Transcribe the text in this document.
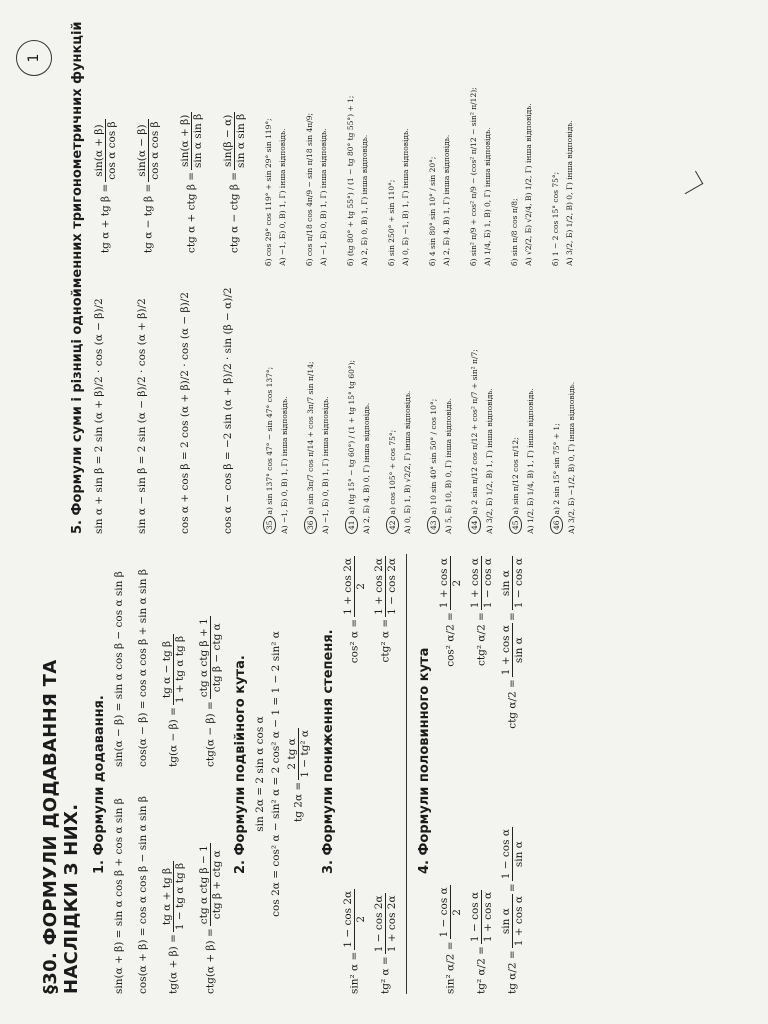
1
§30. ФОРМУЛИ ДОДАВАННЯ ТА НАСЛІДКИ З НИХ.
1. Формули додавання.
sin(α + β) = sin α cos β + cos α sin β
sin(α − β) = sin α cos β − cos α sin β
cos(α + β) = cos α cos β − sin α sin β
cos(α − β) = cos α cos β + sin α sin β
tg(α + β) =
tg α + tg β 1 − tg α tg β
tg(α − β) =
tg α − tg β 1 + tg α tg β
ctg(α + β) =
ctg α ctg β − 1 ctg β + ctg α
ctg(α − β) =
ctg α ctg β + 1 ctg β − ctg α 2. Формули подвійного кута. sin 2α = 2 sin α cos α cos 2α = cos² α − sin² α = 2 cos² α − 1 = 1 − 2 sin² α	tg 2α =
2 tg α 1 − tg² α 3. Формули пониження степеня.
sin² α =
1 − cos 2α 2
cos² α =
1 + cos 2α 2
tg² α =
1 − cos 2α 1 + cos 2α
ctg² α =
1 + cos 2α 1 − cos 2α
4. Формули половинного кута
sin² α/2 =
1 − cos α 2
cos² α/2 =
1 + cos α 2
tg² α/2 =
1 − cos α 1 + cos α
ctg² α/2 =
1 + cos α 1 − cos α
tg α/2 =
sin α 1 + cos α
=
1 − cos α sin α
ctg α/2 =
1 + cos α sin α
=
sin α 1 − cos α
5. Формули суми і різниці однойменних тригонометричних функцій sin α + sin β = 2 sin (α + β)/2 · cos (α − β)/2
tg α + tg β =
sin(α + β) cos α cos β
sin α − sin β = 2 sin (α − β)/2 · cos (α + β)/2
tg α − tg β =
sin(α − β) cos α cos β
cos α + cos β = 2 cos (α + β)/2 · cos (α − β)/2
ctg α + ctg β =
sin(α + β) sin α sin β
cos α − cos β = −2 sin (α + β)/2 · sin (β − α)/2
ctg α − ctg β =
sin(β − α) sin α sin β
35а) sin 137° cos 47° − sin 47° cos 137°; А) −1, Б) 0, В) 1, Г) інша відповідь.
б) cos 29° cos 119° + sin 29° sin 119°; А) −1, Б) 0, В) 1, Г) інша відповідь.
36а) sin 3π/7 cos π/14 + cos 3π/7 sin π/14; А) −1, Б) 0, В) 1, Г) інша відповідь.
б) cos π/18 cos 4π/9 − sin π/18 sin 4π/9; А) −1, Б) 0, В) 1, Г) інша відповідь.
41а) (tg 15° − tg 60°) / (1 + tg 15° tg 60°); А) 2, Б) 4, В) 0, Г) інша відповідь.
б) (tg 80° + tg 55°) / (1 − tg 80° tg 55°) + 1; А) 2, Б) 0, В) 1, Г) інша відповідь.
42а) cos 105° + cos 75°; А) 0, Б) 1, В) √2/2, Г) інша відповідь.
б) sin 250° + sin 110°; А) 0, Б) −1, В) 1, Г) інша відповідь.
43а) 10 sin 40° sin 50° / cos 10°; А) 5, Б) 10, В) 0, Г) інша відповідь.
б) 4 sin 80° sin 10° / sin 20°; А) 2, Б) 4, В) 1, Г) інша відповідь.
44а) 2 sin π/12 cos π/12 + cos² π/7 + sin² π/7; А) 3/2, Б) 1/2, В) 1, Г) інша відповідь.
б) sin² π/9 + cos² π/9 − (cos² π/12 − sin² π/12); А) 1/4, Б) 1, В) 0, Г) інша відповідь.
45а) sin π/12 cos π/12; А) 1/2, Б) 1/4, В) 1, Г) інша відповідь.
б) sin π/8 cos π/8; А) √2/2, Б) √2/4, В) 1/2, Г) інша відповідь.
46а) 2 sin 15° sin 75° + 1; А) 3/2, Б) −1/2, В) 0, Г) інша відповідь.
б) 1 − 2 cos 15° cos 75°; А) 3/2, Б) 1/2, В) 0, Г) інша відповідь.
